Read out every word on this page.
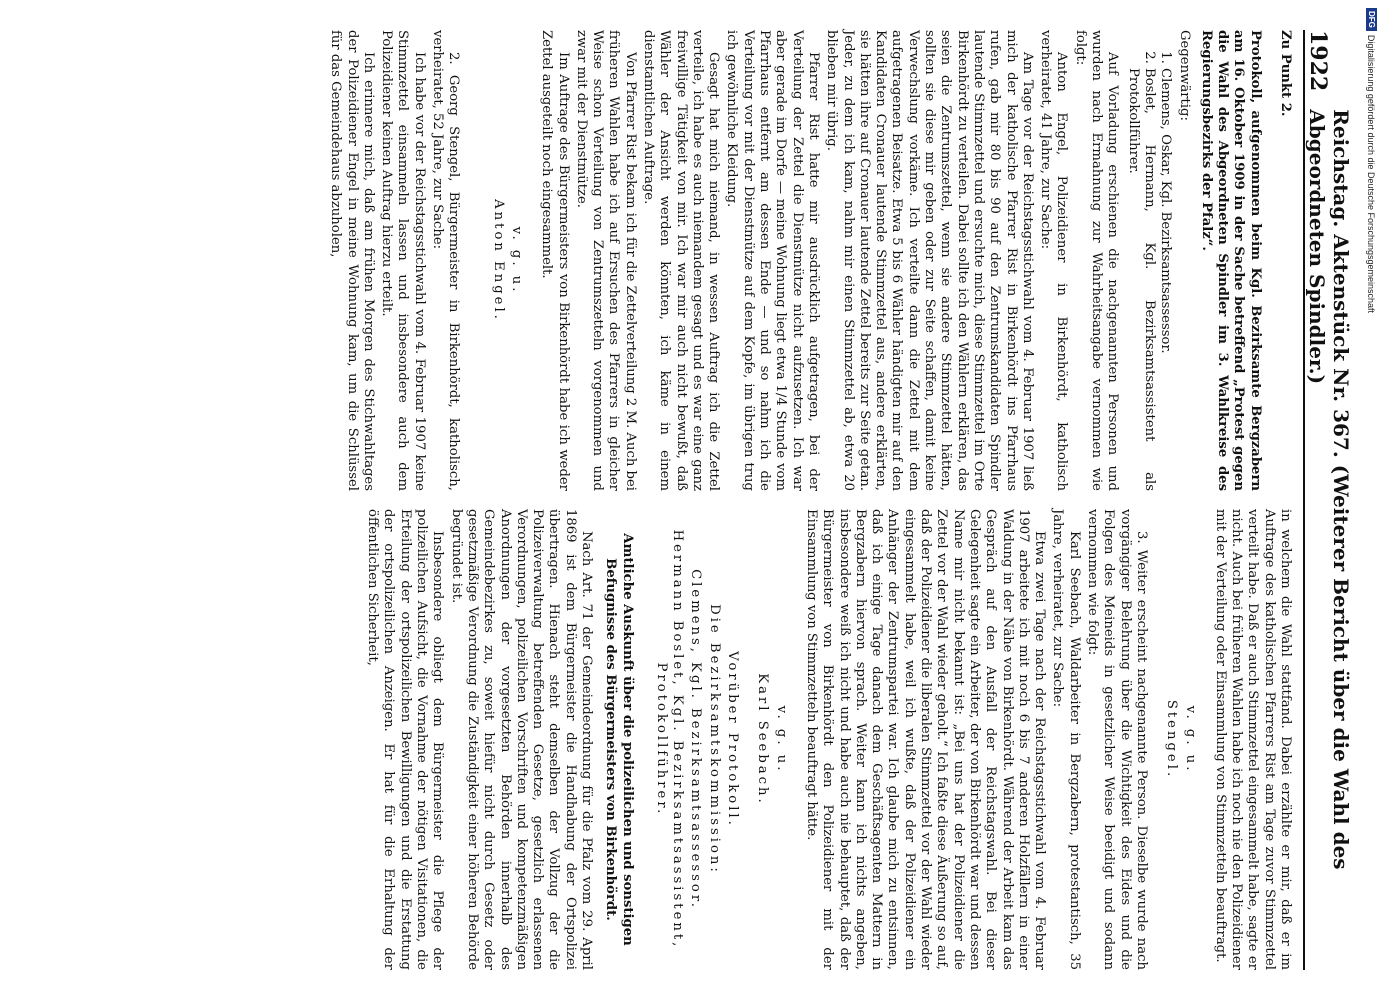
1922
Reichstag. Aktenstück Nr. 367. (Weiterer Bericht über die Wahl des Abgeordneten Spindler.)

Zu Punkt 2.

Protokoll, aufgenommen beim Kgl. Bezirksamte Bergzabern am 16. Oktober 1909 in der Sache betreffend „Protest gegen die Wahl des Abgeordneten Spindler im 3. Wahlkreise des Regierungsbezirks der Pfalz“.

Gegenwärtig:

1. Clemens, Oskar, Kgl. Bezirksamtsassessor.
2. Boslet, Hermann, Kgl. Bezirksamtsassistent als Protokollführer.

Auf Vorladung erschienen die nachgenannten Personen und wurden nach Ermahnung zur Wahrheitsangabe vernommen wie folgt:

Anton Engel, Polizeidiener in Birkenhördt, katholisch verheiratet, 41 Jahre, zur Sache:

Am Tage vor der Reichstagsstichwahl vom 4. Februar 1907 ließ mich der katholische Pfarrer Rist in Birkenhördt ins Pfarrhaus rufen, gab mir 80 bis 90 auf den Zentrumskandidaten Spindler lautende Stimmzettel und ersuchte mich, diese Stimmzettel im Orte Birkenhördt zu verteilen. Dabei sollte ich den Wählern erklären, das seien die Zentrumszettel, wenn sie andere Stimmzettel hätten, sollten sie diese mir geben oder zur Seite schaffen, damit keine Verwechslung vorkäme. Ich verteilte dann die Zettel mit dem aufgetragenen Beisatze. Etwa 5 bis 6 Wähler händigten mir auf den Kandidaten Cronauer lautende Stimmzettel aus, andere erklärten, sie hätten ihre auf Cronauer lautende Zettel bereits zur Seite getan. Jeder, zu dem ich kam, nahm mir einen Stimmzettel ab, etwa 20 blieben mir übrig.

Pfarrer Rist hatte mir ausdrücklich aufgetragen, bei der Verteilung der Zettel die Dienstmütze nicht aufzusetzen. Ich war aber gerade im Dorfe — meine Wohnung liegt etwa 1/4 Stunde vom Pfarrhaus entfernt am dessen Ende — und so nahm ich die Verteilung vor mit der Dienstmütze auf dem Kopfe, im übrigen trug ich gewöhnliche Kleidung.

Gesagt hat mich niemand, in wessen Auftrag ich die Zettel verteile, ich habe es auch niemandem gesagt und es war eine ganz freiwillige Tätigkeit von mir. Ich war mir auch nicht bewußt, daß Wähler der Ansicht werden könnten, ich käme in einem dienstamtlichen Auftrage.

Von Pfarrer Rist bekam ich für die Zettelverteilung 2 M. Auch bei früheren Wahlen habe ich auf Ersuchen des Pfarrers in gleicher Weise schon Verteilung von Zentrumszetteln vorgenommen und zwar mit der Dienstmütze.

Im Auftrage des Bürgermeisters von Birkenhördt habe ich weder Zettel ausgeteilt noch eingesammelt.

v. g. u.

Anton Engel.

2. Georg Stengel, Bürgermeister in Birkenhördt, katholisch, verheiratet, 52 Jahre, zur Sache:

Ich habe vor der Reichstagsstichwahl vom 4. Februar 1907 keine Stimmzettel einsammeln lassen und insbesondere auch dem Polizeidiener keinen Auftrag hierzu erteilt.

Ich erinnere mich, daß am frühen Morgen des Stichwahltages der Polizeidiener Engel in meine Wohnung kam, um die Schlüssel für das Gemeindehaus abzuholen,

in welchem die Wahl stattfand. Dabei erzählte er mir, daß er im Auftrage des katholischen Pfarrers Rist am Tage zuvor Stimmzettel verteilt habe. Daß er auch Stimmzettel eingesammelt habe, sagte er nicht. Auch bei früheren Wahlen habe ich noch nie den Polizeidiener mit der Verteilung oder Einsammlung von Stimmzetteln beauftragt.

v. g. u.

Stengel.

3. Weiter erscheint nachgenannte Person. Dieselbe wurde nach vorgängiger Belehrung über die Wichtigkeit des Eides und die Folgen des Meineids in gesetzlicher Weise beeidigt und sodann vernommen wie folgt:

Karl Seebach, Waldarbeiter in Bergzabern, protestantisch, 35 Jahre, verheiratet, zur Sache:

Etwa zwei Tage nach der Reichstagsstichwahl vom 4. Februar 1907 arbeitete ich mit noch 6 bis 7 anderen Holzfällern in einer Waldung in der Nähe von Birkenhördt. Während der Arbeit kam das Gespräch auf den Ausfall der Reichstagswahl. Bei dieser Gelegenheit sagte ein Arbeiter, der von Birkenhördt war und dessen Name mir nicht bekannt ist: „Bei uns hat der Polizeidiener die Zettel vor der Wahl wieder geholt.“ Ich faßte diese Äußerung so auf, daß der Polizeidiener die liberalen Stimmzettel vor der Wahl wieder eingesammelt habe, weil ich wußte, daß der Polizeidiener ein Anhänger der Zentrumspartei war. Ich glaube mich zu entsinnen, daß ich einige Tage danach dem Geschäftsagenten Mattern in Bergzabern hiervon sprach. Weiter kann ich nichts angeben, insbesondere weiß ich nicht und habe auch nie behauptet, daß der Bürgermeister von Birkenhördt den Polizeidiener mit der Einsammlung von Stimmzetteln beauftragt hätte.

v. g. u.

Karl Seebach.

Vorüber Protokoll.

Die Bezirksamtskommission:

Clemens, Kgl. Bezirksamtsassessor.

Hermann Boslet, Kgl. Bezirksamtsassistent, Protokollführer.

Amtliche Auskunft über die polizeilichen und sonstigen Befugnisse des Bürgermeisters von Birkenhördt.

Nach Art. 71 der Gemeindeordnung für die Pfalz vom 29. April 1869 ist dem Bürgermeister die Handhabung der Ortspolizei übertragen. Hienach steht demselben der Vollzug der die Polizeiverwaltung betreffenden Gesetze, gesetzlich erlassenen Verordnungen, polizeilichen Vorschriften und kompetenzmäßigen Anordnungen der vorgesetzten Behörden innerhalb des Gemeindebezirkes zu, soweit hiefür nicht durch Gesetz oder gesetzmäßige Verordnung die Zuständigkeit einer höheren Behörde begründet ist.

Insbesondere obliegt dem Bürgermeister die Pflege der polizeilichen Aufsicht, die Vornahme der nötigen Visitationen, die Erteilung der ortspolizeilichen Bewilligungen und die Erstattung der ortspolizeilichen Anzeigen. Er hat für die Erhaltung der öffentlichen Sicherheit,

DFG
Digitalisierung gefördert durch die Deutsche Forschungsgemeinschaft
